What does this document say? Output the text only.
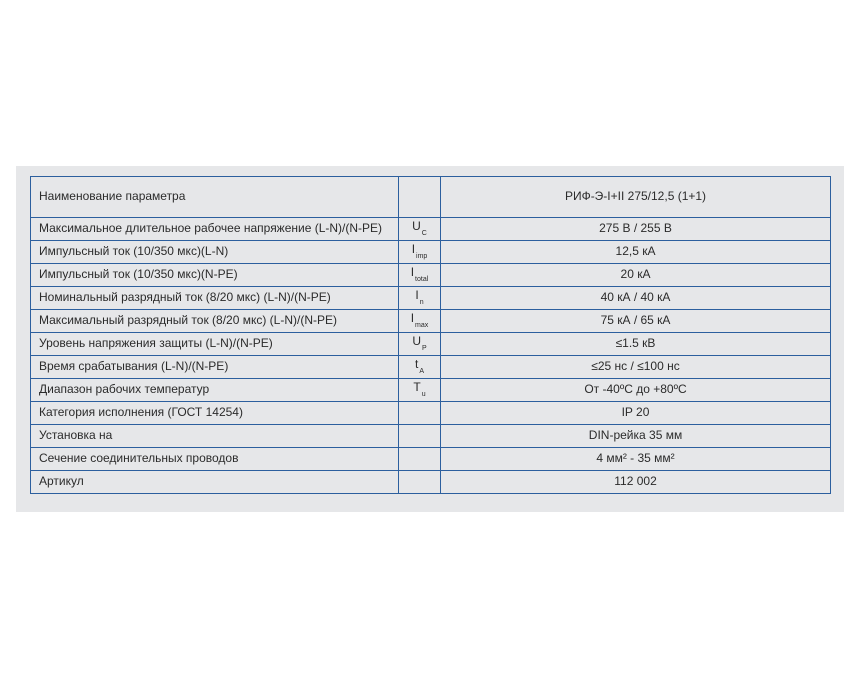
Наименование параметра		РИФ-Э-I+II 275/12,5 (1+1)
Максимальное длительное рабочее напряжение (L-N)/(N-PE)	$U_C$	275 В / 255 В
Импульсный ток (10/350 мкс)(L-N)	$I_{imp}$	12,5 кА
Импульсный ток (10/350 мкс)(N-PE)	$I_{total}$	20 кА
Номинальный разрядный ток (8/20 мкс) (L-N)/(N-PE)	$I_n$	40 кА / 40 кА
Максимальный разрядный ток (8/20 мкс) (L-N)/(N-PE)	$I_{max}$	75 кА / 65 кА
Уровень напряжения защиты (L-N)/(N-PE)	$U_P$	≤1.5 кВ
Время срабатывания (L-N)/(N-PE)	$t_A$	≤25 нс / ≤100 нс
Диапазон рабочих температур	$T_u$	От -40ºС до +80ºС
Категория исполнения (ГОСТ 14254)		IP 20
Установка на		DIN-рейка 35 мм
Сечение соединительных проводов		4 мм² - 35 мм²
Артикул		112 002
